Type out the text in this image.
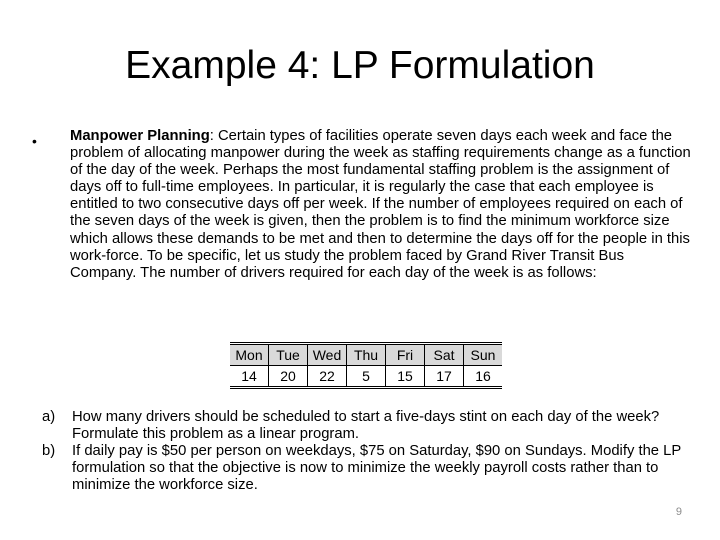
Example 4: LP Formulation
• Manpower Planning: Certain types of facilities operate seven days each week and face the problem of allocating manpower during the week as staffing requirements change as a function of the day of the week. Perhaps the most fundamental staffing problem is the assignment of days off to full-time employees. In particular, it is regularly the case that each employee is entitled to two consecutive days off per week. If the number of employees required on each of the seven days of the week is given, then the problem is to find the minimum workforce size which allows these demands to be met and then to determine the days off for the people in this work-force. To be specific, let us study the problem faced by Grand River Transit Bus Company. The number of drivers required for each day of the week is as follows:

Mon	Tue	Wed	Thu	Fri	Sat	Sun
14	20	22	5	15	17	16
a) How many drivers should be scheduled to start a five-days stint on each day of the week? Formulate this problem as a linear program.
b) If daily pay is $50 per person on weekdays, $75 on Saturday, $90 on Sundays. Modify the LP formulation so that the objective is now to minimize the weekly payroll costs rather than to minimize the workforce size.
9
